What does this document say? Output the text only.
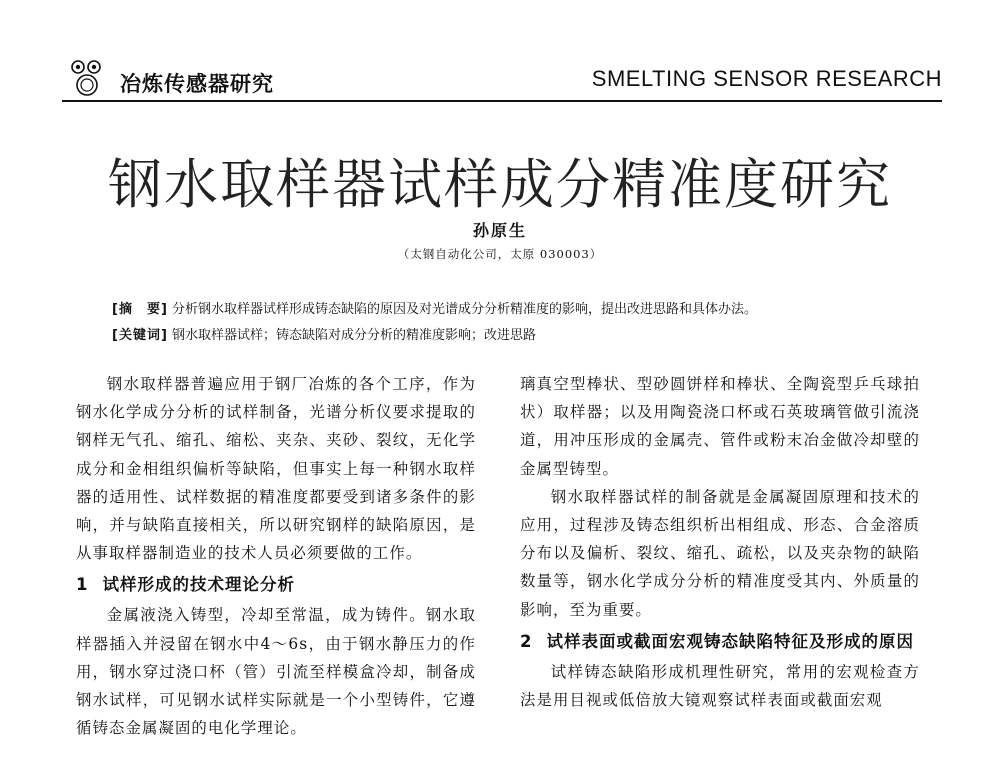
冶炼传感器研究	SMELTING SENSOR RESEARCH
钢水取样器试样成分精准度研究
孙原生
（太钢自动化公司，太原 030003）
[摘　要] 分析钢水取样器试样形成铸态缺陷的原因及对光谱成分分析精准度的影响，提出改进思路和具体办法。
[关键词] 钢水取样器试样；铸态缺陷对成分分析的精准度影响；改进思路

钢水取样器普遍应用于钢厂冶炼的各个工序，作为钢水化学成分分析的试样制备，光谱分析仪要求提取的钢样无气孔、缩孔、缩松、夹杂、夹砂、裂纹，无化学成分和金相组织偏析等缺陷，但事实上每一种钢水取样器的适用性、试样数据的精准度都要受到诸多条件的影响，并与缺陷直接相关，所以研究钢样的缺陷原因，是从事取样器制造业的技术人员必须要做的工作。

1 试样形成的技术理论分析

金属液浇入铸型，冷却至常温，成为铸件。钢水取样器插入并浸留在钢水中4～6s，由于钢水静压力的作用，钢水穿过浇口杯（管）引流至样模盒冷却，制备成钢水试样，可见钢水试样实际就是一个小型铸件，它遵循铸态金属凝固的电化学理论。

璃真空型棒状、型砂圆饼样和棒状、全陶瓷型乒乓球拍状）取样器；以及用陶瓷浇口杯或石英玻璃管做引流浇道，用冲压形成的金属壳、管件或粉末冶金做冷却壁的金属型铸型。

钢水取样器试样的制备就是金属凝固原理和技术的应用，过程涉及铸态组织析出相组成、形态、合金溶质分布以及偏析、裂纹、缩孔、疏松，以及夹杂物的缺陷数量等，钢水化学成分分析的精准度受其内、外质量的影响，至为重要。

2 试样表面或截面宏观铸态缺陷特征及形成的原因

试样铸态缺陷形成机理性研究，常用的宏观检查方法是用目视或低倍放大镜观察试样表面或截面宏观
